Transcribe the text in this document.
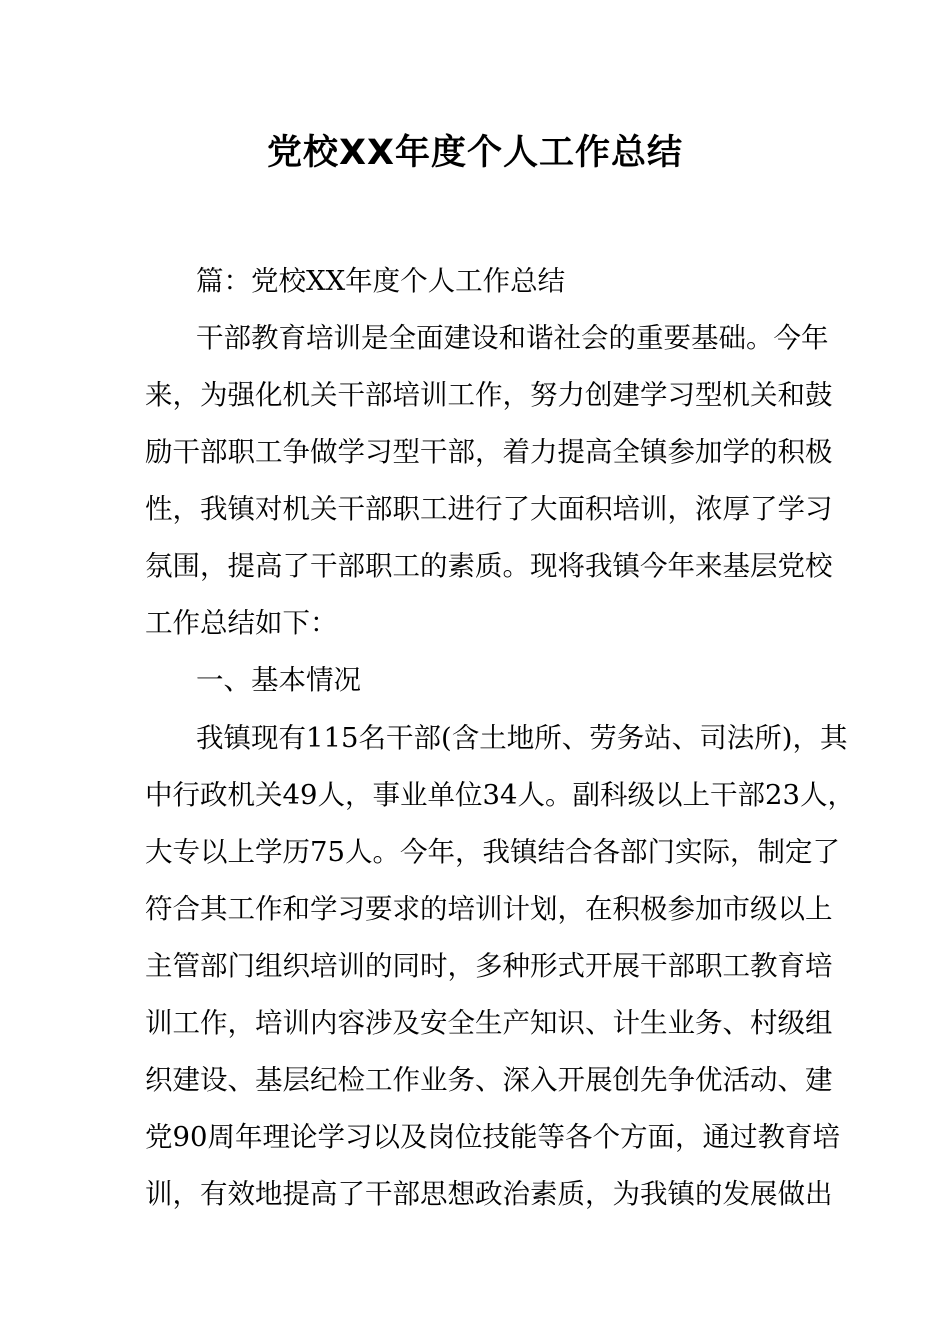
党校XX年度个人工作总结
篇：党校XX年度个人工作总结
干部教育培训是全面建设和谐社会的重要基础。今年
来，为强化机关干部培训工作，努力创建学习型机关和鼓
励干部职工争做学习型干部，着力提高全镇参加学的积极
性，我镇对机关干部职工进行了大面积培训，浓厚了学习
氛围，提高了干部职工的素质。现将我镇今年来基层党校
工作总结如下：
一、基本情况
我镇现有115名干部(含土地所、劳务站、司法所)，其
中行政机关49人，事业单位34人。副科级以上干部23人，
大专以上学历75人。今年，我镇结合各部门实际，制定了
符合其工作和学习要求的培训计划，在积极参加市级以上
主管部门组织培训的同时，多种形式开展干部职工教育培
训工作，培训内容涉及安全生产知识、计生业务、村级组
织建设、基层纪检工作业务、深入开展创先争优活动、建
党90周年理论学习以及岗位技能等各个方面，通过教育培
训，有效地提高了干部思想政治素质，为我镇的发展做出
